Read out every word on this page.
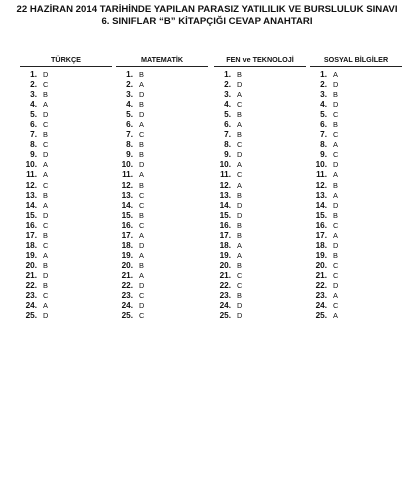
22 HAZİRAN 2014 TARİHİNDE YAPILAN PARASIZ YATILILIK VE BURSLULUK SINAVI
6. SINIFLAR “B” KİTAPÇIĞI CEVAP ANAHTARI
TÜRKÇE
1. D
2. C
3. B
4. A
5. D
6. C
7. B
8. C
9. D
10. A
11. A
12. C
13. B
14. A
15. D
16. C
17. B
18. C
19. A
20. B
21. D
22. B
23. C
24. A
25. D
MATEMATİK
1. B
2. A
3. D
4. B
5. D
6. A
7. C
8. B
9. B
10. D
11. A
12. B
13. C
14. C
15. B
16. C
17. A
18. D
19. A
20. B
21. A
22. D
23. C
24. D
25. C
FEN ve TEKNOLOJİ
1. B
2. D
3. A
4. C
5. B
6. A
7. B
8. C
9. D
10. A
11. C
12. A
13. B
14. D
15. D
16. B
17. B
18. A
19. A
20. B
21. C
22. C
23. B
24. D
25. D
SOSYAL BİLGİLER
1. A
2. D
3. B
4. D
5. C
6. B
7. C
8. A
9. C
10. D
11. A
12. B
13. A
14. D
15. B
16. C
17. A
18. D
19. B
20. C
21. C
22. D
23. A
24. C
25. A
